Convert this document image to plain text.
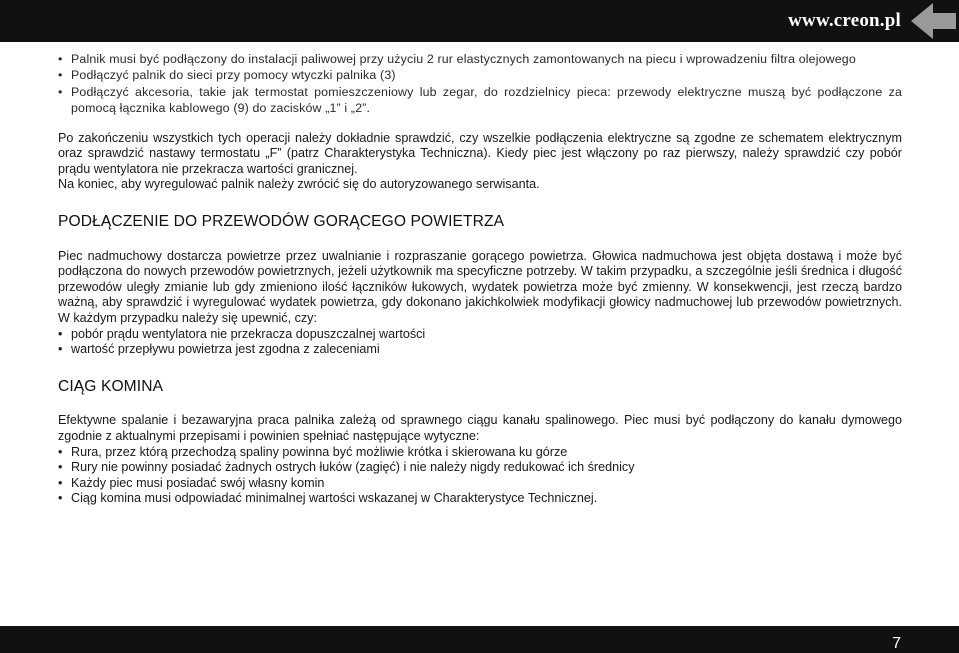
www.creon.pl
• Palnik musi być podłączony do instalacji paliwowej przy użyciu 2 rur elastycznych zamontowanych na piecu i wprowadzeniu filtra olejowego
• Podłączyć palnik do sieci przy pomocy wtyczki palnika (3)
• Podłączyć akcesoria, takie jak termostat pomieszczeniowy lub zegar, do rozdzielnicy pieca: przewody elektryczne muszą być podłączone za pomocą łącznika kablowego (9) do zacisków „1” i „2”.

Po zakończeniu wszystkich tych operacji należy dokładnie sprawdzić, czy wszelkie podłączenia elektryczne są zgodne ze schematem elektrycznym oraz sprawdzić nastawy termostatu „F” (patrz Charakterystyka Techniczna). Kiedy piec jest włączony po raz pierwszy, należy sprawdzić czy pobór prądu wentylatora nie przekracza wartości granicznej.

Na koniec, aby wyregulować palnik należy zwrócić się do autoryzowanego serwisanta.

PODŁĄCZENIE DO PRZEWODÓW GORĄCEGO POWIETRZA

Piec nadmuchowy dostarcza powietrze przez uwalnianie i rozpraszanie gorącego powietrza. Głowica nadmuchowa jest objęta dostawą i może być podłączona do nowych przewodów powietrznych, jeżeli użytkownik ma specyficzne potrzeby. W takim przypadku, a szczególnie jeśli średnica i długość przewodów uległy zmianie lub gdy zmieniono ilość łączników łukowych, wydatek powietrza może być zmienny. W konsekwencji, jest rzeczą bardzo ważną, aby sprawdzić i wyregulować wydatek powietrza, gdy dokonano jakichkolwiek modyfikacji głowicy nadmuchowej lub przewodów powietrznych. W każdym przypadku należy się upewnić, czy:

• pobór prądu wentylatora nie przekracza dopuszczalnej wartości
• wartość przepływu powietrza jest zgodna z zaleceniami
CIĄG KOMINA

Efektywne spalanie i bezawaryjna praca palnika zależą od sprawnego ciągu kanału spalinowego. Piec musi być podłączony do kanału dymowego zgodnie z aktualnymi przepisami i powinien spełniać następujące wytyczne:

• Rura, przez którą przechodzą spaliny powinna być możliwie krótka i skierowana ku górze
• Rury nie powinny posiadać żadnych ostrych łuków (zagięć) i nie należy nigdy redukować ich średnicy
• Każdy piec musi posiadać swój własny komin
• Ciąg komina musi odpowiadać minimalnej wartości wskazanej w Charakterystyce Technicznej.
7
